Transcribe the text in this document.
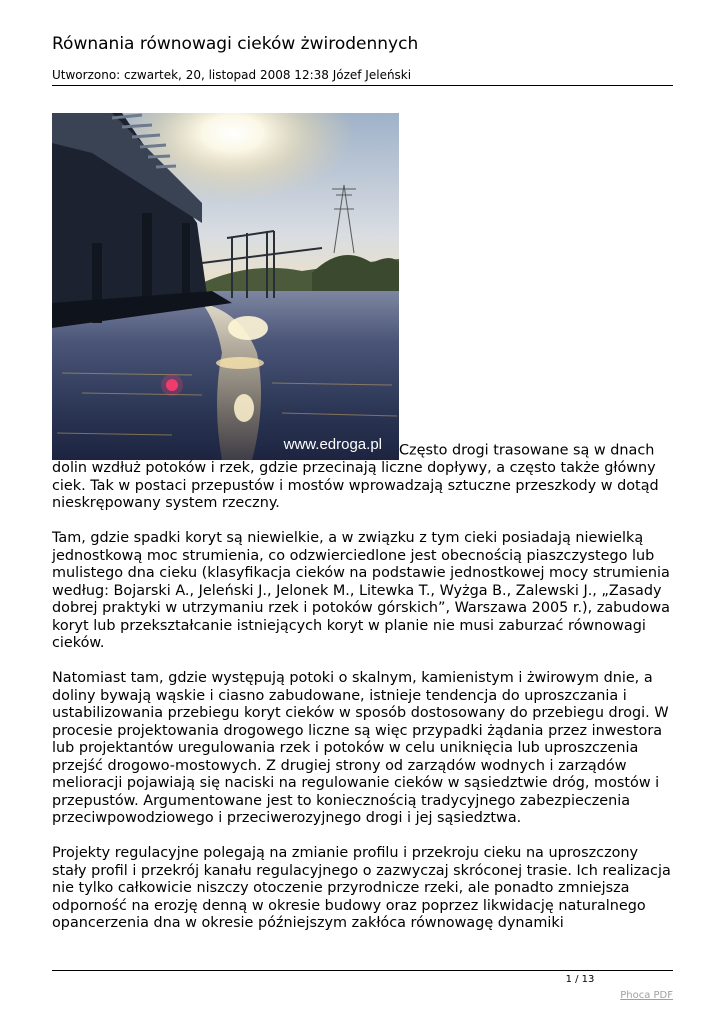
Równania równowagi cieków żwirodennych
Utworzono: czwartek, 20, listopad 2008 12:38 Józef Jeleński

www.edroga.pl Często drogi trasowane są w dnach dolin wzdłuż potoków i rzek, gdzie przecinają liczne dopływy, a często także główny ciek. Tak w postaci przepustów i mostów wprowadzają sztuczne przeszkody w dotąd nieskrępowany system rzeczny.

Tam, gdzie spadki koryt są niewielkie, a w związku z tym cieki posiadają niewielką jednostkową moc strumienia, co odzwierciedlone jest obecnością piaszczystego lub mulistego dna cieku (klasyfikacja cieków na podstawie jednostkowej mocy strumienia według: Bojarski A., Jeleński J., Jelonek M., Litewka T., Wyżga B., Zalewski J., „Zasady dobrej praktyki w utrzymaniu rzek i potoków górskich”, Warszawa 2005 r.), zabudowa koryt lub przekształcanie istniejących koryt w planie nie musi zaburzać równowagi cieków.

Natomiast tam, gdzie występują potoki o skalnym, kamienistym i żwirowym dnie, a doliny bywają wąskie i ciasno zabudowane, istnieje tendencja do uproszczania i ustabilizowania przebiegu koryt cieków w sposób dostosowany do przebiegu drogi. W procesie projektowania drogowego liczne są więc przypadki żądania przez inwestora lub projektantów uregulowania rzek i potoków w celu uniknięcia lub uproszczenia przejść drogowo-mostowych. Z drugiej strony od zarządów wodnych i zarządów melioracji pojawiają się naciski na regulowanie cieków w sąsiedztwie dróg, mostów i przepustów. Argumentowane jest to koniecznością tradycyjnego zabezpieczenia przeciwpowodziowego i przeciwerozyjnego drogi i jej sąsiedztwa.

Projekty regulacyjne polegają na zmianie profilu i przekroju cieku na uproszczony stały profil i przekrój kanału regulacyjnego o zazwyczaj skróconej trasie. Ich realizacja nie tylko całkowicie niszczy otoczenie przyrodnicze rzeki, ale ponadto zmniejsza odporność na erozję denną w okresie budowy oraz poprzez likwidację naturalnego opancerzenia dna w okresie późniejszym zakłóca równowagę dynamiki

1 / 13
Phoca PDF
